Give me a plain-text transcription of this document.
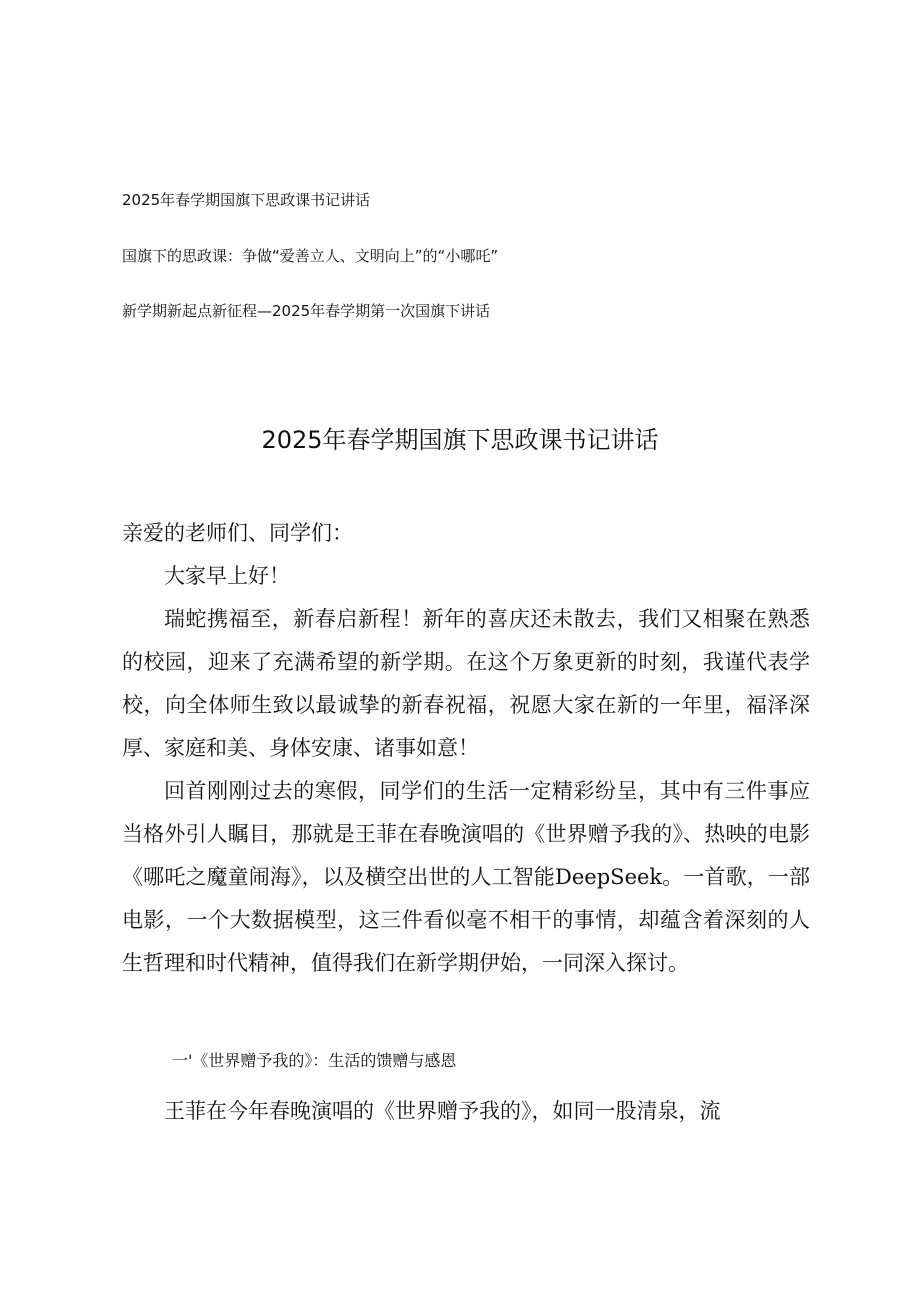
2025年春学期国旗下思政课书记讲话
国旗下的思政课：争做“爱善立人、文明向上”的“小哪吒”
新学期新起点新征程—2025年春学期第一次国旗下讲话
2025年春学期国旗下思政课书记讲话

亲爱的老师们、同学们：

大家早上好！

瑞蛇携福至，新春启新程！新年的喜庆还未散去，我们又相聚在熟悉的校园，迎来了充满希望的新学期。在这个万象更新的时刻，我谨代表学校，向全体师生致以最诚挚的新春祝福，祝愿大家在新的一年里，福泽深厚、家庭和美、身体安康、诸事如意！

回首刚刚过去的寒假，同学们的生活一定精彩纷呈，其中有三件事应当格外引人瞩目，那就是王菲在春晚演唱的《世界赠予我的》、热映的电影《哪吒之魔童闹海》，以及横空出世的人工智能DeepSeek。一首歌，一部电影，一个大数据模型，这三件看似毫不相干的事情，却蕴含着深刻的人生哲理和时代精神，值得我们在新学期伊始，一同深入探讨。

一'《世界赠予我的》：生活的馈赠与感恩
王菲在今年春晚演唱的《世界赠予我的》，如同一股清泉，流
